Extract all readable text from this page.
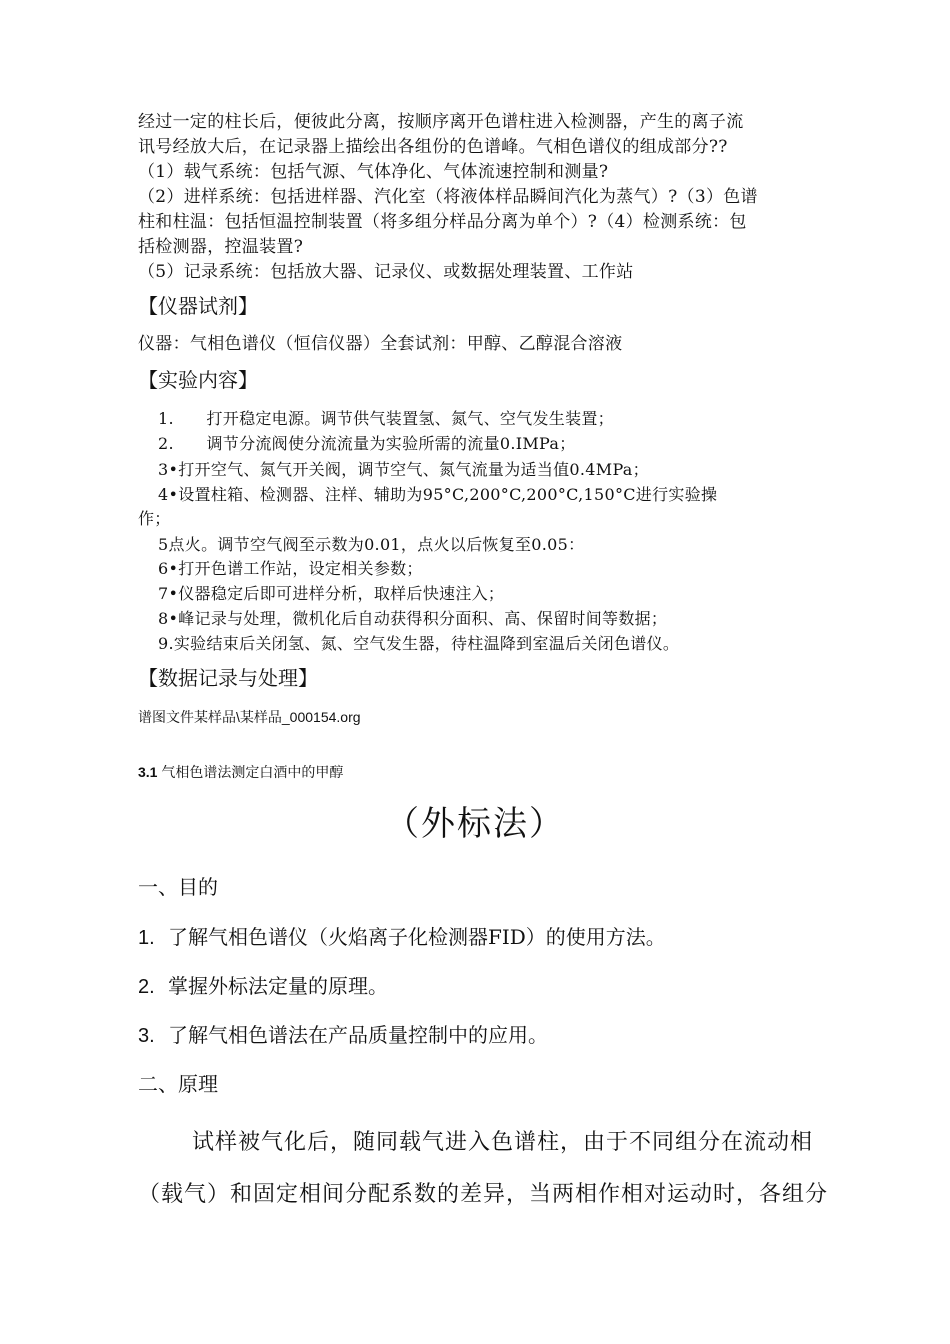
经过一定的柱长后，便彼此分离，按顺序离开色谱柱进入检测器，产生的离子流
讯号经放大后，在记录器上描绘出各组份的色谱峰。气相色谱仪的组成部分??
（1）载气系统：包括气源、气体净化、气体流速控制和测量?
（2）进样系统：包括进样器、汽化室（将液体样品瞬间汽化为蒸气）?（3）色谱
柱和柱温：包括恒温控制装置（将多组分样品分离为单个）?（4）检测系统：包
括检测器，控温装置?
（5）记录系统：包括放大器、记录仪、或数据处理装置、工作站
【仪器试剂】
仪器：气相色谱仪（恒信仪器）全套试剂：甲醇、乙醇混合溶液
【实验内容】
1.　　打开稳定电源。调节供气装置氢、氮气、空气发生装置；
2.　　调节分流阀使分流流量为实验所需的流量0.IMPa；
3•打开空气、氮气开关阀，调节空气、氮气流量为适当值0.4MPa；
4•设置柱箱、检测器、注样、辅助为95°C,200°C,200°C,150°C进行实验操
作；
5点火。调节空气阀至示数为0.01，点火以后恢复至0.05：
6•打开色谱工作站，设定相关参数；
7•仪器稳定后即可进样分析，取样后快速注入；
8•峰记录与处理，微机化后自动获得积分面积、高、保留时间等数据；
9.实验结束后关闭氢、氮、空气发生器，待柱温降到室温后关闭色谱仪。
【数据记录与处理】
谱图文件某样品\某样品_000154.org
3.1 气相色谱法测定白酒中的甲醇
（外标法）
一、目的
1. 了解气相色谱仪（火焰离子化检测器FID）的使用方法。
2. 掌握外标法定量的原理。
3. 了解气相色谱法在产品质量控制中的应用。
二、原理
试样被气化后，随同载气进入色谱柱，由于不同组分在流动相
（载气）和固定相间分配系数的差异，当两相作相对运动时，各组分
